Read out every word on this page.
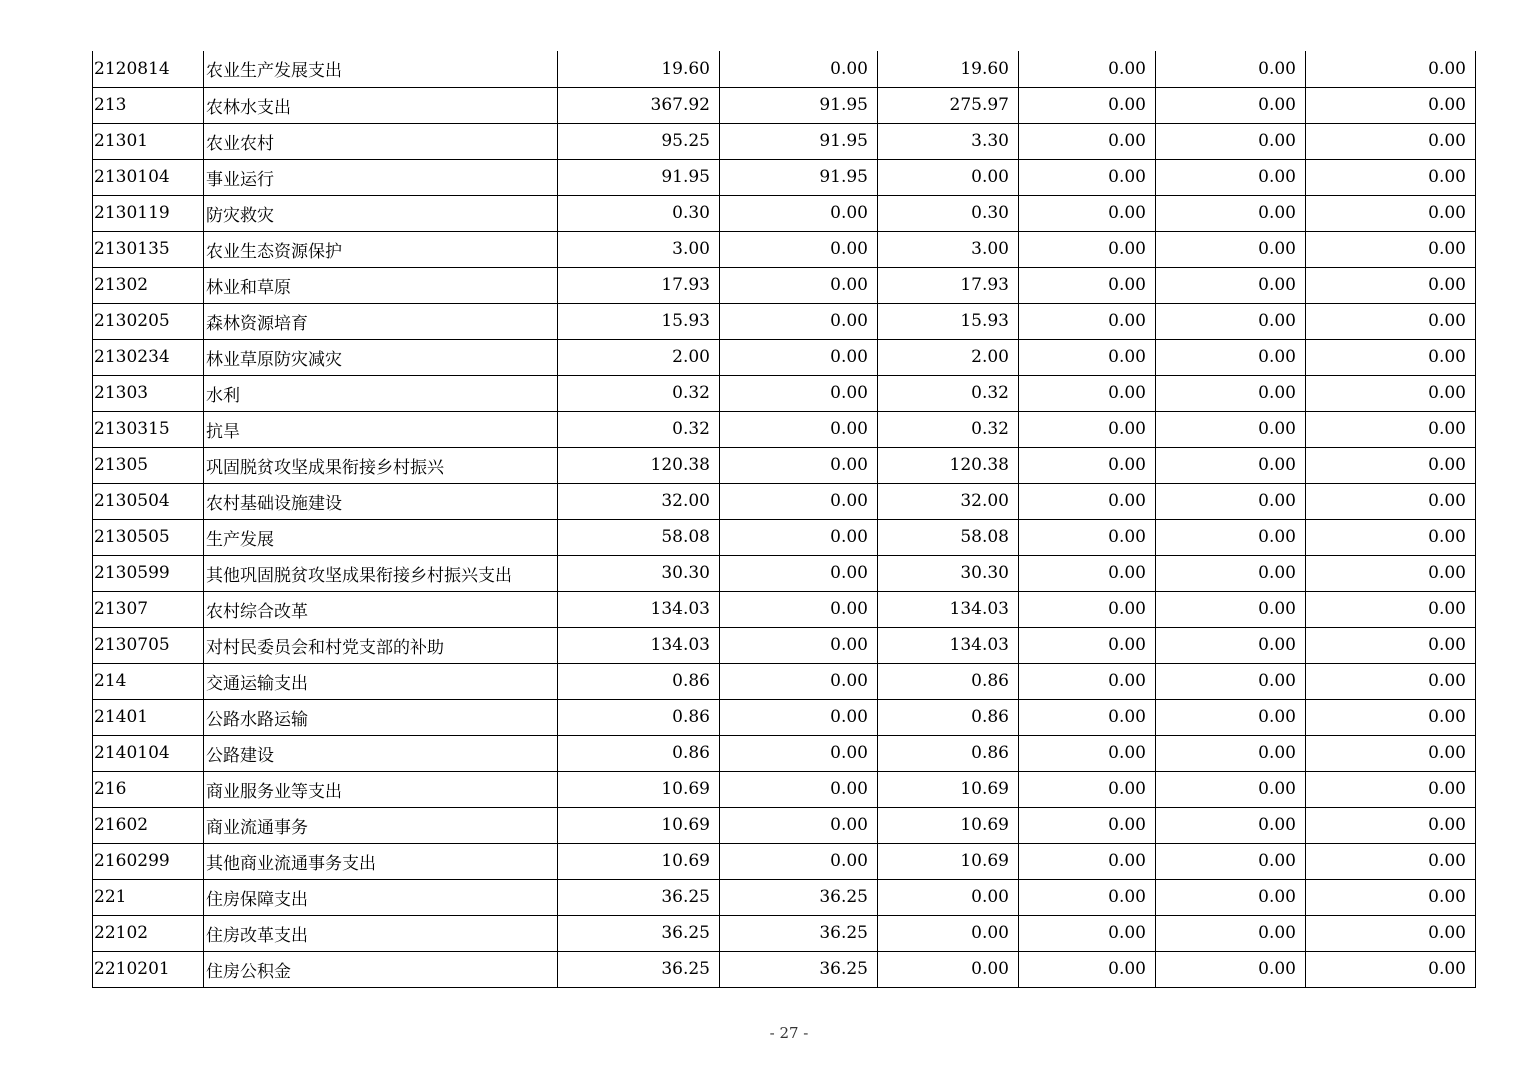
2120814	农业生产发展支出	19.60	0.00	19.60	0.00	0.00	0.00
213	农林水支出	367.92	91.95	275.97	0.00	0.00	0.00
21301	农业农村	95.25	91.95	3.30	0.00	0.00	0.00
2130104	事业运行	91.95	91.95	0.00	0.00	0.00	0.00
2130119	防灾救灾	0.30	0.00	0.30	0.00	0.00	0.00
2130135	农业生态资源保护	3.00	0.00	3.00	0.00	0.00	0.00
21302	林业和草原	17.93	0.00	17.93	0.00	0.00	0.00
2130205	森林资源培育	15.93	0.00	15.93	0.00	0.00	0.00
2130234	林业草原防灾减灾	2.00	0.00	2.00	0.00	0.00	0.00
21303	水利	0.32	0.00	0.32	0.00	0.00	0.00
2130315	抗旱	0.32	0.00	0.32	0.00	0.00	0.00
21305	巩固脱贫攻坚成果衔接乡村振兴	120.38	0.00	120.38	0.00	0.00	0.00
2130504	农村基础设施建设	32.00	0.00	32.00	0.00	0.00	0.00
2130505	生产发展	58.08	0.00	58.08	0.00	0.00	0.00
2130599	其他巩固脱贫攻坚成果衔接乡村振兴支出	30.30	0.00	30.30	0.00	0.00	0.00
21307	农村综合改革	134.03	0.00	134.03	0.00	0.00	0.00
2130705	对村民委员会和村党支部的补助	134.03	0.00	134.03	0.00	0.00	0.00
214	交通运输支出	0.86	0.00	0.86	0.00	0.00	0.00
21401	公路水路运输	0.86	0.00	0.86	0.00	0.00	0.00
2140104	公路建设	0.86	0.00	0.86	0.00	0.00	0.00
216	商业服务业等支出	10.69	0.00	10.69	0.00	0.00	0.00
21602	商业流通事务	10.69	0.00	10.69	0.00	0.00	0.00
2160299	其他商业流通事务支出	10.69	0.00	10.69	0.00	0.00	0.00
221	住房保障支出	36.25	36.25	0.00	0.00	0.00	0.00
22102	住房改革支出	36.25	36.25	0.00	0.00	0.00	0.00
2210201	住房公积金	36.25	36.25	0.00	0.00	0.00	0.00
- 27 -
